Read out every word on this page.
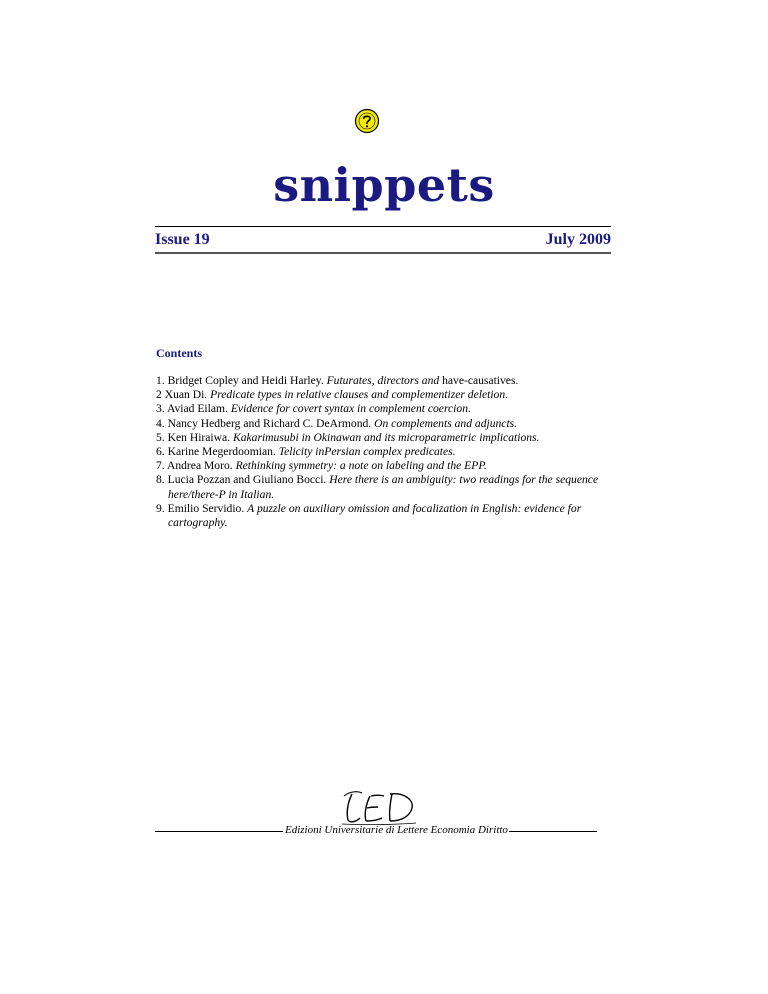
snippets
Issue 19	July 2009
Contents
1. Bridget Copley and Heidi Harley. Futurates, directors and have-causatives.
2 Xuan Di. Predicate types in relative clauses and complementizer deletion.
3. Aviad Eilam. Evidence for covert syntax in complement coercion.
4. Nancy Hedberg and Richard C. DeArmond. On complements and adjuncts.
5. Ken Hiraiwa. Kakarimusubi in Okinawan and its microparametric implications.
6. Karine Megerdoomian. Telicity inPersian complex predicates.
7. Andrea Moro. Rethinking symmetry: a note on labeling and the EPP.
8. Lucia Pozzan and Giuliano Bocci. Here there is an ambiguity: two readings for the sequence here/there-P in Italian.
9. Emilio Servidio. A puzzle on auxiliary omission and focalization in English: evidence for cartography.
Edizioni Universitarie di Lettere Economia Diritto
